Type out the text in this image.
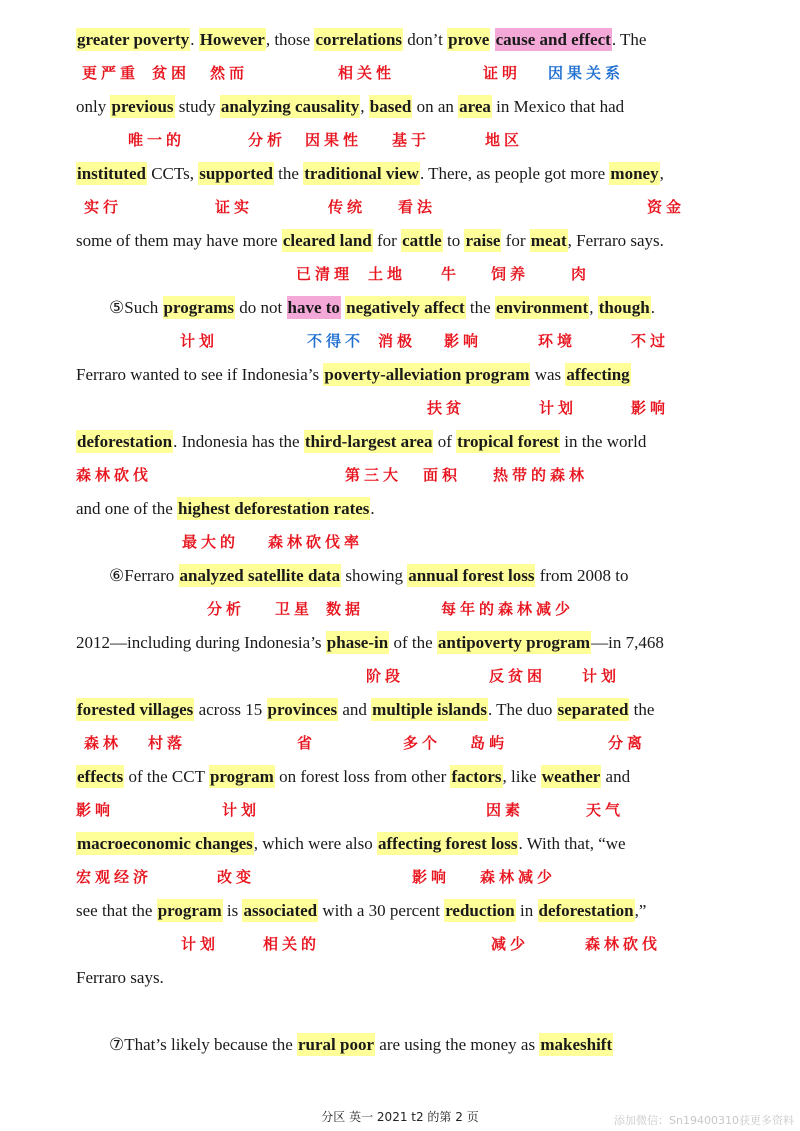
greater poverty. However, those correlations don’t prove cause and effect. The
only previous study analyzing causality, based on an area in Mexico that had
instituted CCTs, supported the traditional view. There, as people got more money,
some of them may have more cleared land for cattle to raise for meat, Ferraro says.
⑤Such programs do not have to negatively affect the environment, though.
Ferraro wanted to see if Indonesia’s poverty-alleviation program was affecting
deforestation. Indonesia has the third-largest area of tropical forest in the world
and one of the highest deforestation rates.
⑥Ferraro analyzed satellite data showing annual forest loss from 2008 to
2012—including during Indonesia’s phase-in of the antipoverty program—in 7,468
forested villages across 15 provinces and multiple islands. The duo separated the
effects of the CCT program on forest loss from other factors, like weather and
macroeconomic changes, which were also affecting forest loss. With that, “we
see that the program is associated with a 30 percent reduction in deforestation,”
Ferraro says.
⑦That’s likely because the rural poor are using the money as makeshift
更严重 贫困 然而	相关性	证明 因果关系
唯一的	分析 因果性 基于	地区
实行	证实	传统 看法	资金
已清理 土地 牛 饲养	肉
计划	不得不 消极 影响	环境	不过
扶贫	计划	影响
森林砍伐	第三大 面积 热带的森林
最大的 森林砍伐率
分析 卫星 数据	每年的森林减少
阶段	反贫困 计划
森林 村落	省	多个 岛屿	分离
影响	计划	因素	天气
宏观经济	改变	影响 森林减少
计划	相关的	减少	森林砍伐
分区 英一 2021 t2 的第 2 页	添加微信：Sn19400310获更多资料
